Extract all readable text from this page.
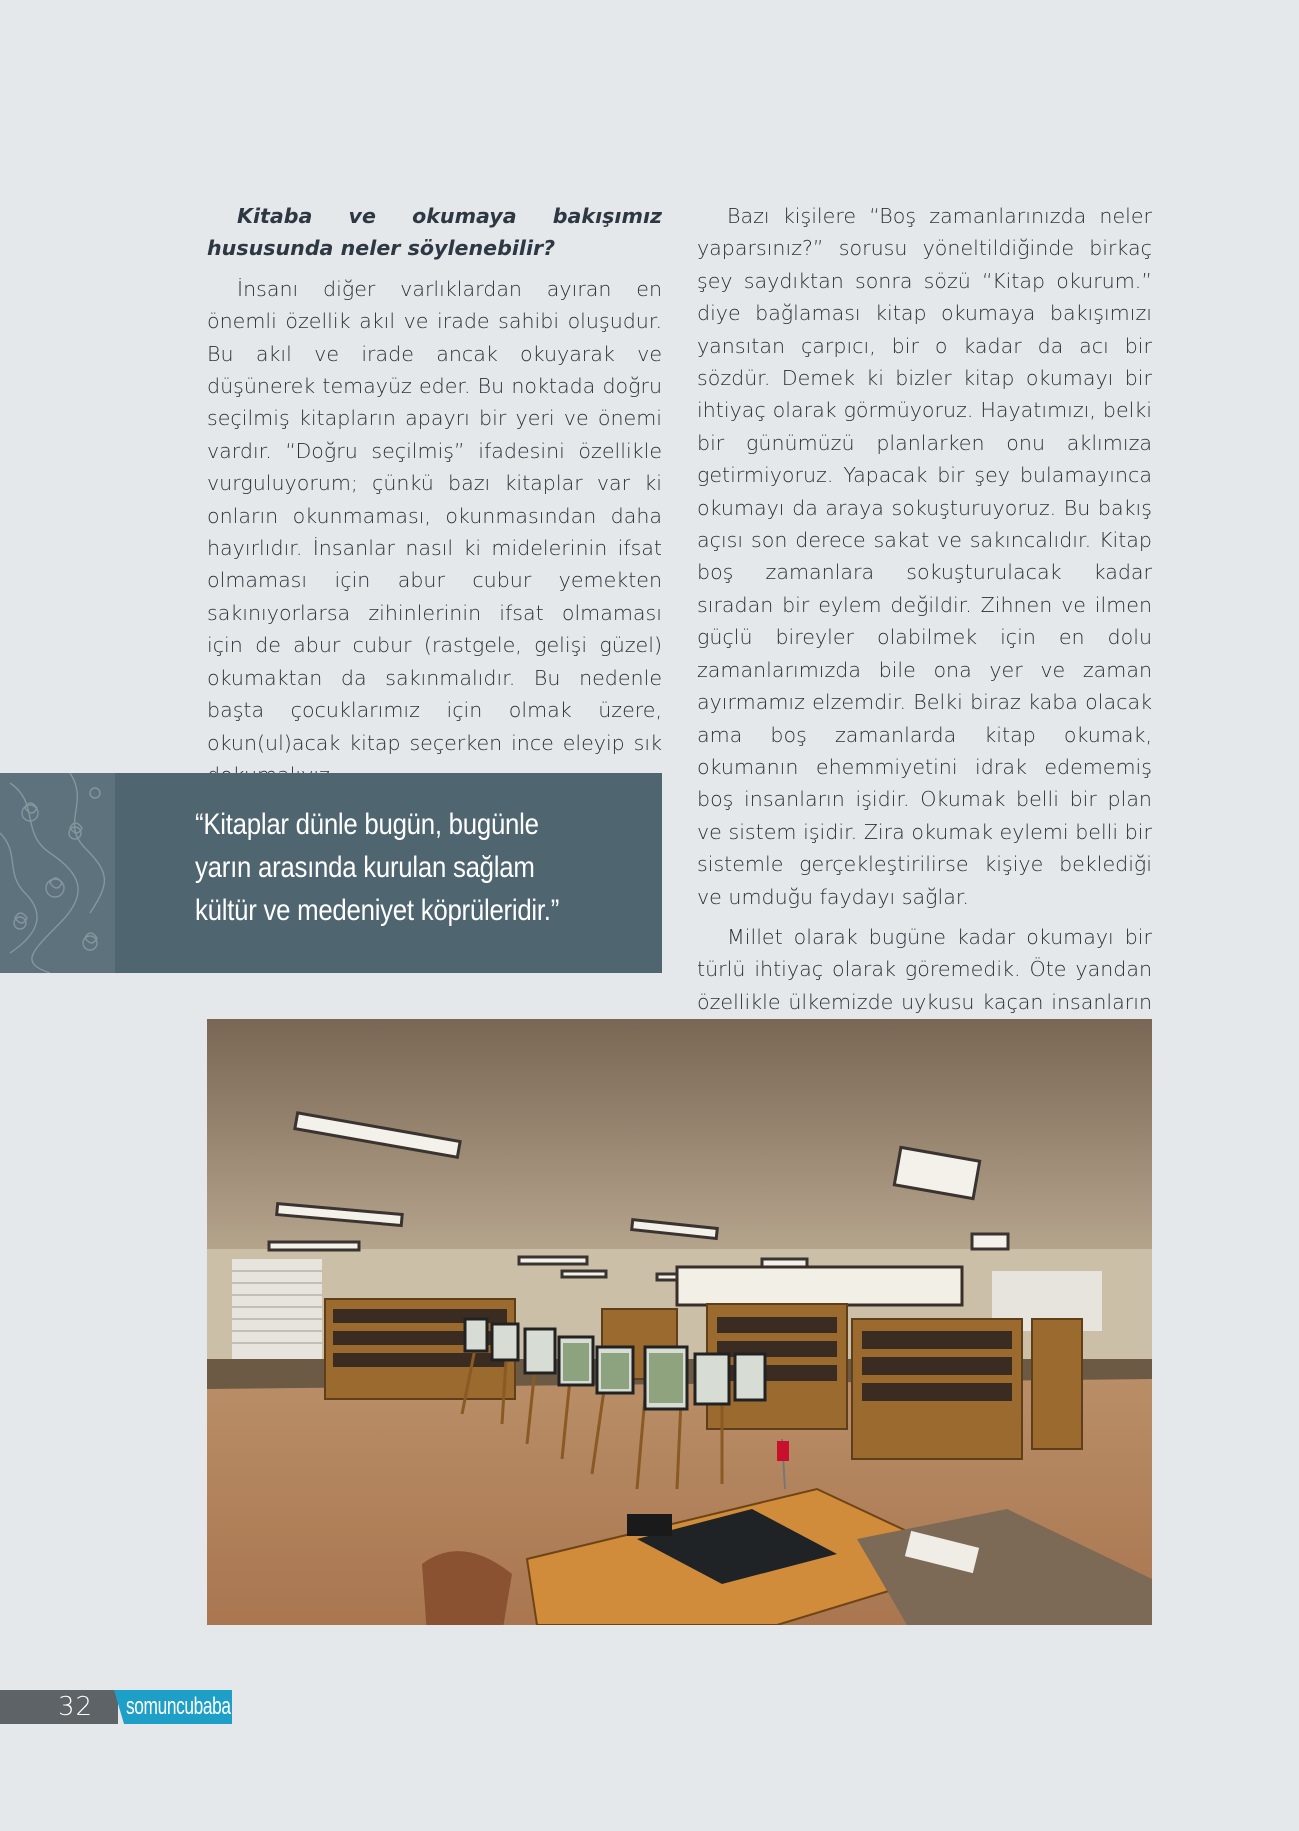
Kitaba ve okumaya bakışımız hususunda neler söylenebilir?

İnsanı diğer varlıklardan ayıran en önemli özellik akıl ve irade sahibi oluşudur. Bu akıl ve irade ancak okuyarak ve düşünerek temayüz eder. Bu noktada doğru seçilmiş kitapların apayrı bir yeri ve önemi vardır. “Doğru seçilmiş” ifadesini özellikle vurguluyorum; çünkü bazı kitaplar var ki onların okunmaması, okunmasından daha hayırlıdır. İnsanlar nasıl ki midelerinin ifsat olmaması için abur cubur yemekten sakınıyorlarsa zihinlerinin ifsat olmaması için de abur cubur (rastgele, gelişi güzel) okumaktan da sakınmalıdır. Bu nedenle başta çocuklarımız için olmak üzere, okun(ul)acak kitap seçerken ince eleyip sık

Bazı kişilere “Boş zamanlarınızda neler yaparsınız?” sorusu yöneltildiğinde birkaç şey saydıktan sonra sözü “Kitap okurum.” diye bağlaması kitap okumaya bakışımızı yansıtan çarpıcı, bir o kadar da acı bir sözdür. Demek ki bizler kitap okumayı bir ihtiyaç olarak görmüyoruz. Hayatımızı, belki bir günümüzü planlarken onu aklımıza getirmiyoruz. Yapacak bir şey bulamayınca okumayı da araya sokuşturuyoruz. Bu bakış açısı son derece sakat ve sakıncalıdır. Kitap boş zamanlara sokuşturulacak kadar sıradan bir eylem değildir. Zihnen ve ilmen güçlü bireyler olabilmek için en dolu zamanlarımızda bile ona yer ve zaman ayırmamız elzemdir. Belki biraz kaba olacak ama boş zamanlarda kitap okumak, okumanın ehemmiyetini idrak edememiş boş insanların işidir. Okumak belli bir plan ve sistem işidir. Zira okumak eylemi belli bir sistemle gerçekleştirilirse kişiye beklediği ve umduğu faydayı sağlar.

Millet olarak bugüne kadar okumayı bir türlü ihtiyaç olarak göremedik. Öte yandan özellikle ülkemizde uykusu kaçan insanların

“Kitaplar dünle bugün, bugünle yarın arasında kurulan sağlam kültür ve medeniyet köprüleridir.”
32 somuncubaba
